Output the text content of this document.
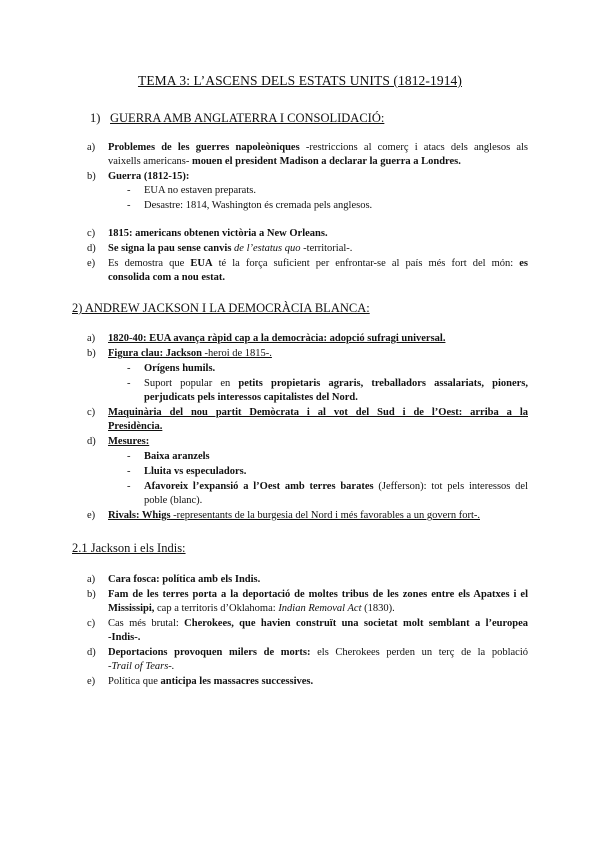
TEMA 3: L’ASCENS DELS ESTATS UNITS (1812-1914)
1) GUERRA AMB ANGLATERRA I CONSOLIDACIÓ:
a) Problemes de les guerres napoleòniques -restriccions al comerç i atacs dels anglesos als
vaixells americans- mouen el president Madison a declarar la guerra a Londres.
b) Guerra (1812-15):
- EUA no estaven preparats.
- Desastre: 1814, Washington és cremada pels anglesos.
c) 1815: americans obtenen victòria a New Orleans.
d) Se signa la pau sense canvis de l’estatus quo -territorial-.
e) Es demostra que EUA té la força suficient per enfrontar-se al país més fort del món: es
consolida com a nou estat.
2) ANDREW JACKSON I LA DEMOCRÀCIA BLANCA:
a) 1820-40: EUA avança ràpid cap a la democràcia: adopció sufragi universal.
b) Figura clau: Jackson -heroi de 1815-.
- Orígens humils.
- Suport popular en petits propietaris agraris, treballadors assalariats, pioners,
perjudicats pels interessos capitalistes del Nord.
c) Maquinària del nou partit Demòcrata i al vot del Sud i de l’Oest: arriba a la
Presidència.
d) Mesures:
- Baixa aranzels
- Lluita vs especuladors.
- Afavoreix l’expansió a l’Oest amb terres barates (Jefferson): tot pels interessos del
poble (blanc).
e) Rivals: Whigs -representants de la burgesia del Nord i més favorables a un govern fort-.
2.1 Jackson i els Indis:
a) Cara fosca: política amb els Indis.
b) Fam de les terres porta a la deportació de moltes tribus de les zones entre els Apatxes i el
Mississipi, cap a territoris d’Oklahoma: Indian Removal Act (1830).
c) Cas més brutal: Cherokees, que havien construït una societat molt semblant a l’europea
-Indis-.
d) Deportacions provoquen milers de morts: els Cherokees perden un terç de la població
-Trail of Tears-.
e) Política que anticipa les massacres successives.
